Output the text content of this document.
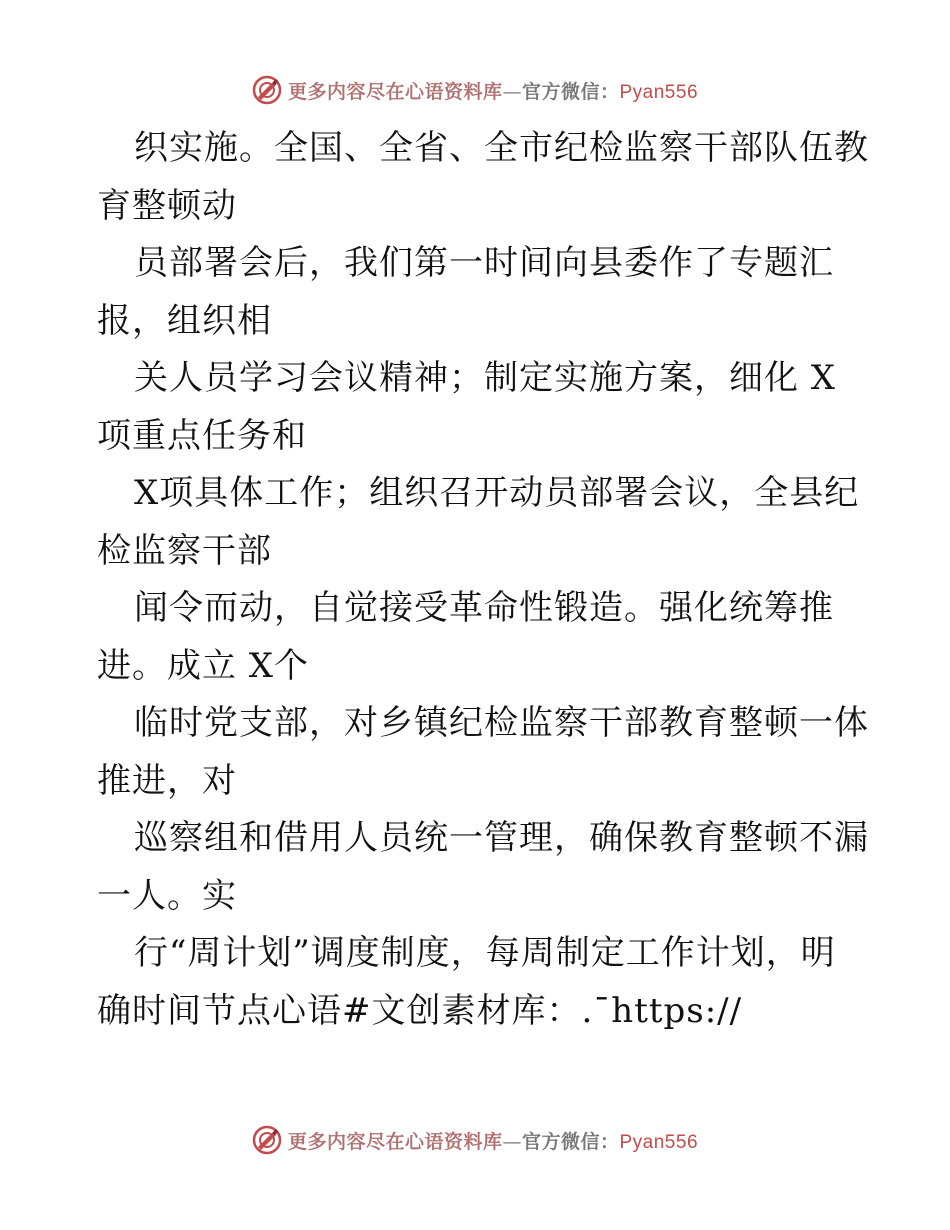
更多内容尽在心语资料库—官方微信：Pyan556
织实施。全国、全省、全市纪检监察干部队伍教
育整顿动
员部署会后，我们第一时间向县委作了专题汇
报，组织相
关人员学习会议精神；制定实施方案，细化 X
项重点任务和
X项具体工作；组织召开动员部署会议，全县纪
检监察干部
闻令而动，自觉接受革命性锻造。强化统筹推
进。成立 X个
临时党支部，对乡镇纪检监察干部教育整顿一体
推进，对
巡察组和借用人员统一管理，确保教育整顿不漏
一人。实
行“周计划”调度制度，每周制定工作计划，明
确时间节点心语#文创素材库：.¯https://
更多内容尽在心语资料库—官方微信：Pyan556
